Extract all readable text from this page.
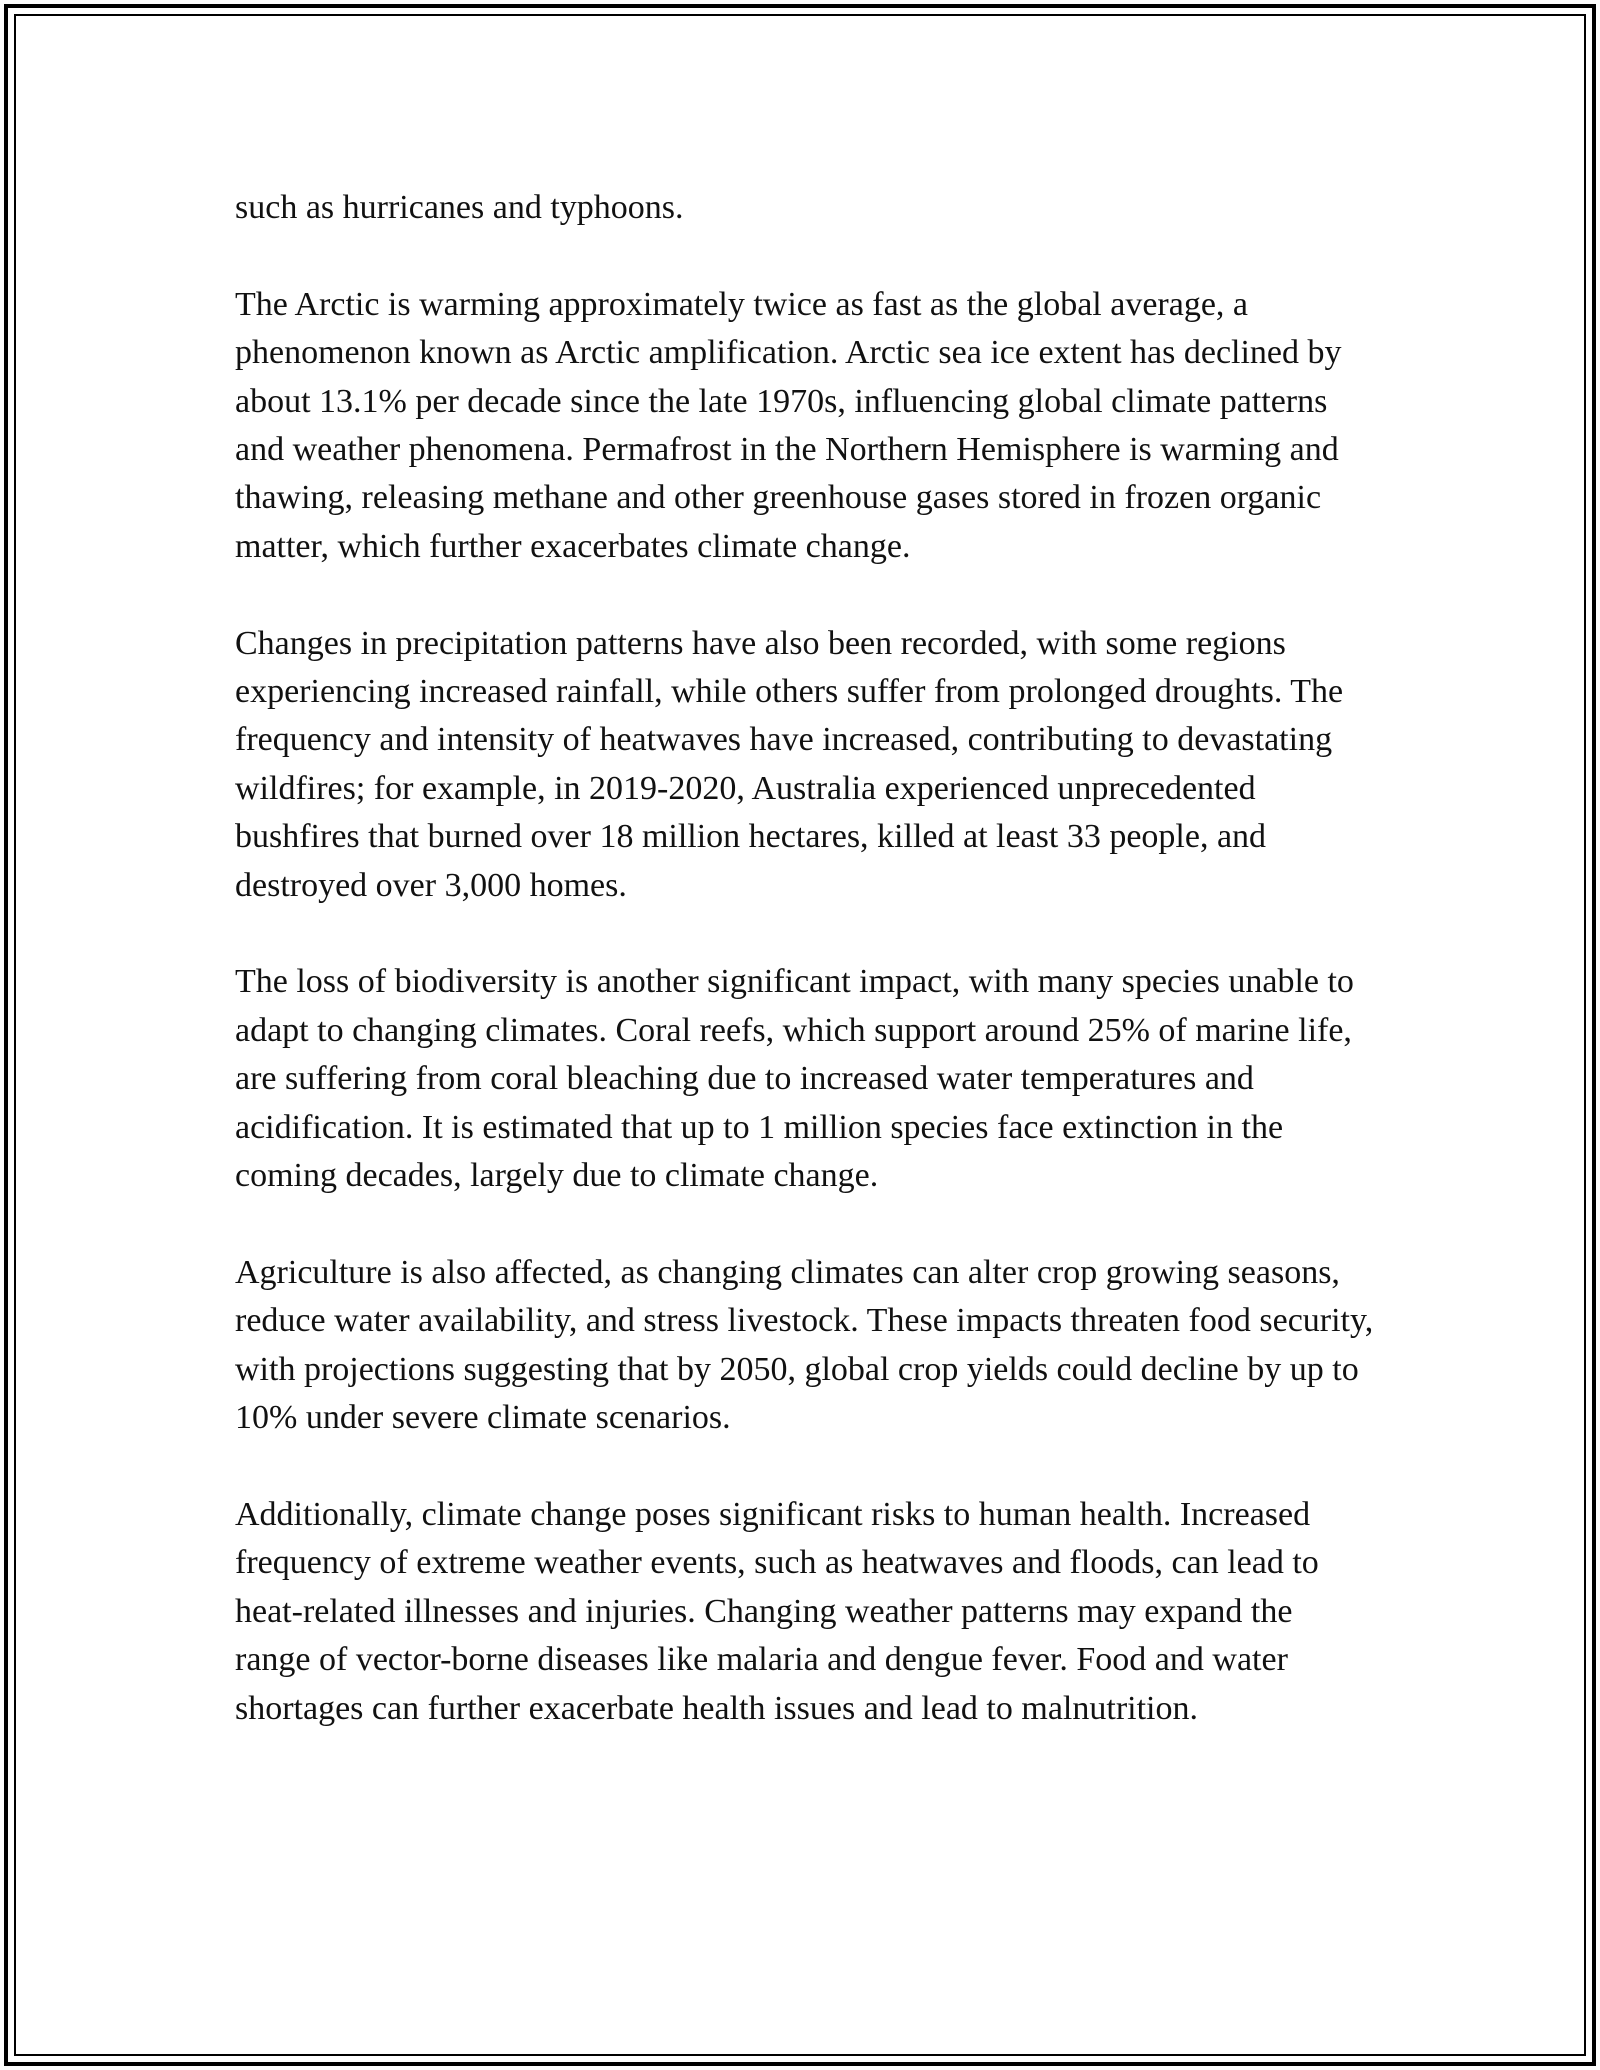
such as hurricanes and typhoons.

The Arctic is warming approximately twice as fast as the global average, a phenomenon known as Arctic amplification. Arctic sea ice extent has declined by about 13.1% per decade since the late 1970s, influencing global climate patterns and weather phenomena. Permafrost in the Northern Hemisphere is warming and thawing, releasing methane and other greenhouse gases stored in frozen organic matter, which further exacerbates climate change.

Changes in precipitation patterns have also been recorded, with some regions experiencing increased rainfall, while others suffer from prolonged droughts. The frequency and intensity of heatwaves have increased, contributing to devastating wildfires; for example, in 2019-2020, Australia experienced unprecedented bushfires that burned over 18 million hectares, killed at least 33 people, and destroyed over 3,000 homes.

The loss of biodiversity is another significant impact, with many species unable to adapt to changing climates. Coral reefs, which support around 25% of marine life, are suffering from coral bleaching due to increased water temperatures and acidification. It is estimated that up to 1 million species face extinction in the coming decades, largely due to climate change.

Agriculture is also affected, as changing climates can alter crop growing seasons, reduce water availability, and stress livestock. These impacts threaten food security, with projections suggesting that by 2050, global crop yields could decline by up to 10% under severe climate scenarios.

Additionally, climate change poses significant risks to human health. Increased frequency of extreme weather events, such as heatwaves and floods, can lead to heat-related illnesses and injuries. Changing weather patterns may expand the range of vector-borne diseases like malaria and dengue fever. Food and water shortages can further exacerbate health issues and lead to malnutrition.
